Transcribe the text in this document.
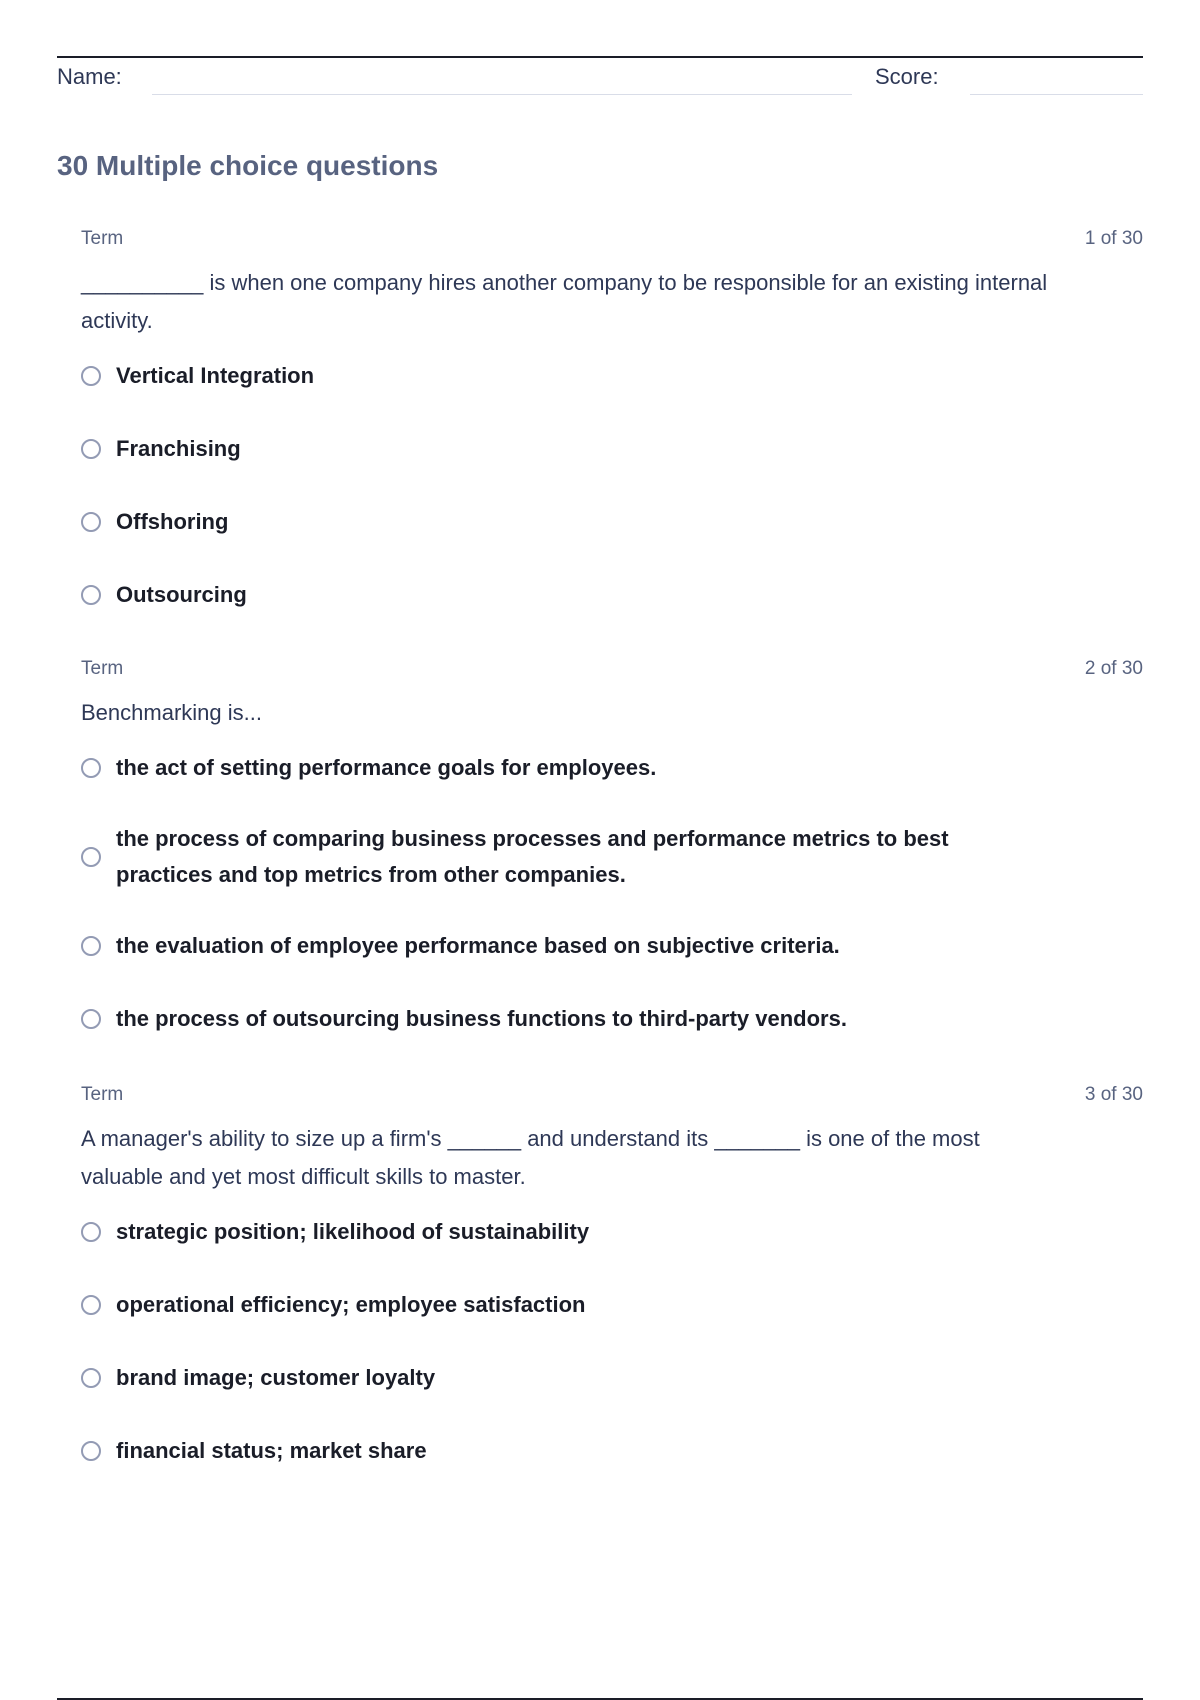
Name:	Score:
30 Multiple choice questions
Term	1 of 30

__________ is when one company hires another company to be responsible for an existing internal activity.

Vertical Integration
Franchising
Offshoring
Outsourcing
Term	2 of 30

Benchmarking is...

the act of setting performance goals for employees.
the process of comparing business processes and performance metrics to best practices and top metrics from other companies.
the evaluation of employee performance based on subjective criteria.
the process of outsourcing business functions to third-party vendors.
Term	3 of 30

A manager's ability to size up a firm's ______ and understand its _______ is one of the most valuable and yet most difficult skills to master.

strategic position; likelihood of sustainability
operational efficiency; employee satisfaction
brand image; customer loyalty
financial status; market share
